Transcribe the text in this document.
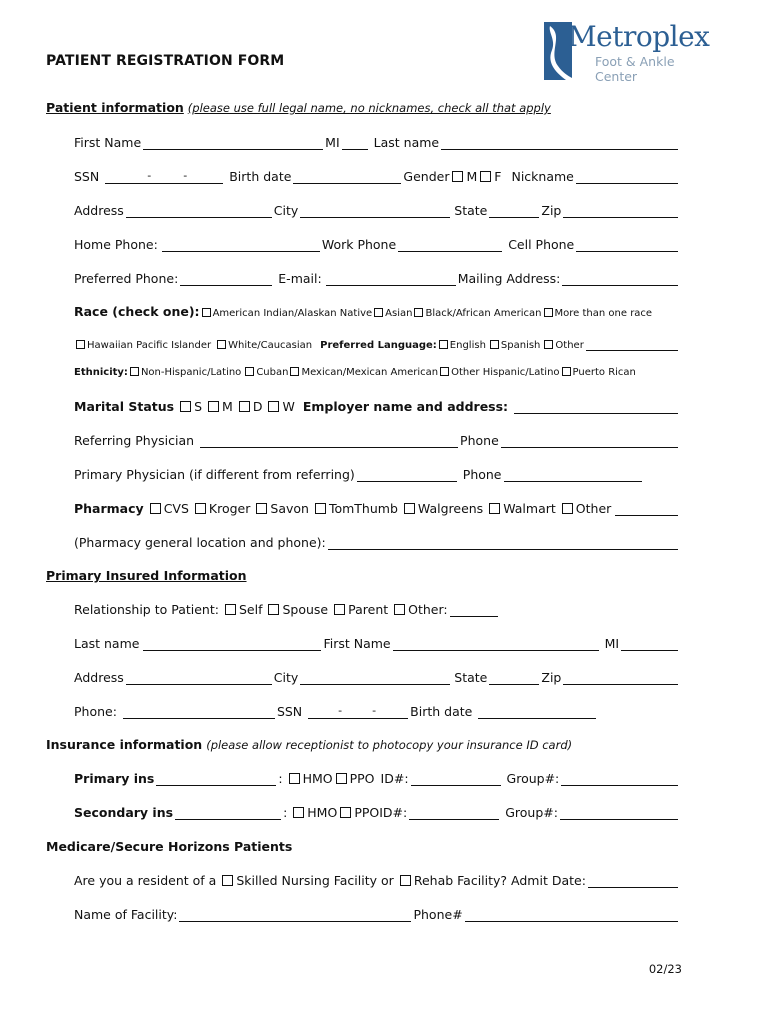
PATIENT REGISTRATION FORM
Metroplex
Foot & Ankle Center
Patient information
(please use full legal name, no nicknames, check all that apply
First Name	MI	Last name
SSN	-	-	Birth date	Gender M F Nickname
Address	City	State	Zip
Home Phone:	Work Phone	Cell Phone
Preferred Phone:	E-mail:	Mailing Address:
Race (check one): American Indian/Alaskan Native Asian Black/African American More than one race
Hawaiian Pacific Islander White/Caucasian Preferred Language: English Spanish Other
Ethnicity: Non-Hispanic/Latino Cuban Mexican/Mexican American Other Hispanic/Latino Puerto Rican
Marital Status S M D W Employer name and address:
Referring Physician	Phone
Primary Physician (if different from referring)	Phone
Pharmacy CVS Kroger Savon TomThumb Walgreens Walmart Other
(Pharmacy general location and phone):
Primary Insured Information
Relationship to Patient: Self Spouse Parent Other:
Last name	First Name	MI
Address	City	State	Zip
Phone:	SSN	-	-	Birth date
Insurance information
(please allow receptionist to photocopy your insurance ID card)
Primary ins	: HMO PPO ID#:	Group#:
Secondary ins	: HMO PPO ID#:	Group#:
Medicare/Secure Horizons Patients
Are you a resident of a Skilled Nursing Facility or Rehab Facility? Admit Date:
Name of Facility:	Phone#
02/23
